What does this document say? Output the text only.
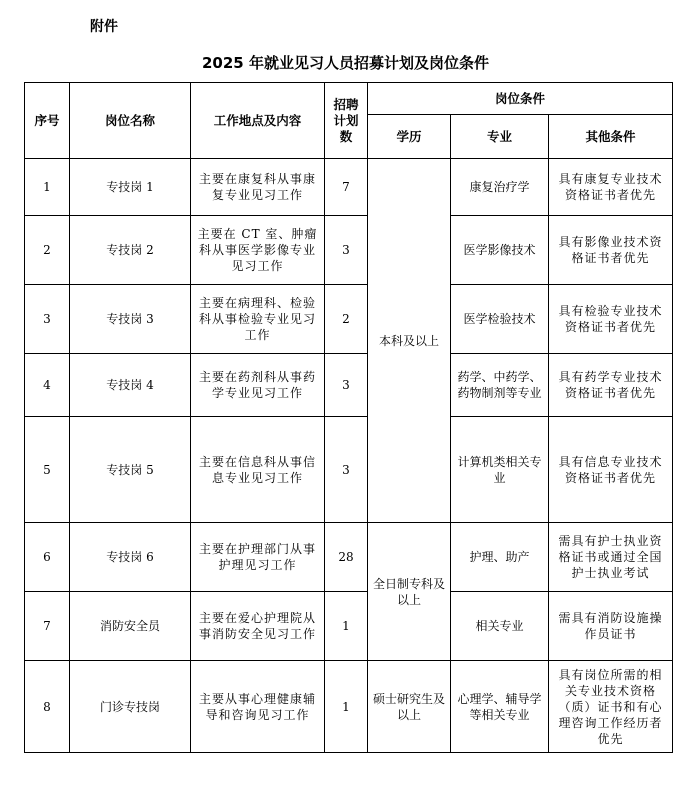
附件
2025 年就业见习人员招募计划及岗位条件
序号	岗位名称	工作地点及内容	招聘计划数	岗位条件		
				学历	专业	其他条件
1	专技岗 1	主要在康复科从事康复专业见习工作	7	本科及以上	康复治疗学	具有康复专业技术资格证书者优先
2	专技岗 2	主要在 CT 室、肿瘤科从事医学影像专业见习工作	3		医学影像技术	具有影像业技术资格证书者优先
3	专技岗 3	主要在病理科、检验科从事检验专业见习工作	2		医学检验技术	具有检验专业技术资格证书者优先
4	专技岗 4	主要在药剂科从事药学专业见习工作	3		药学、中药学、药物制剂等专业	具有药学专业技术资格证书者优先
5	专技岗 5	主要在信息科从事信息专业见习工作	3		计算机类相关专业	具有信息专业技术资格证书者优先
6	专技岗 6	主要在护理部门从事护理见习工作	28	全日制专科及以上	护理、助产	需具有护士执业资格证书或通过全国护士执业考试
7	消防安全员	主要在爱心护理院从事消防安全见习工作	1		相关专业	需具有消防设施操作员证书
8	门诊专技岗	主要从事心理健康辅导和咨询见习工作	1	硕士研究生及以上	心理学、辅导学等相关专业	具有岗位所需的相关专业技术资格（质）证书和有心理咨询工作经历者优先
